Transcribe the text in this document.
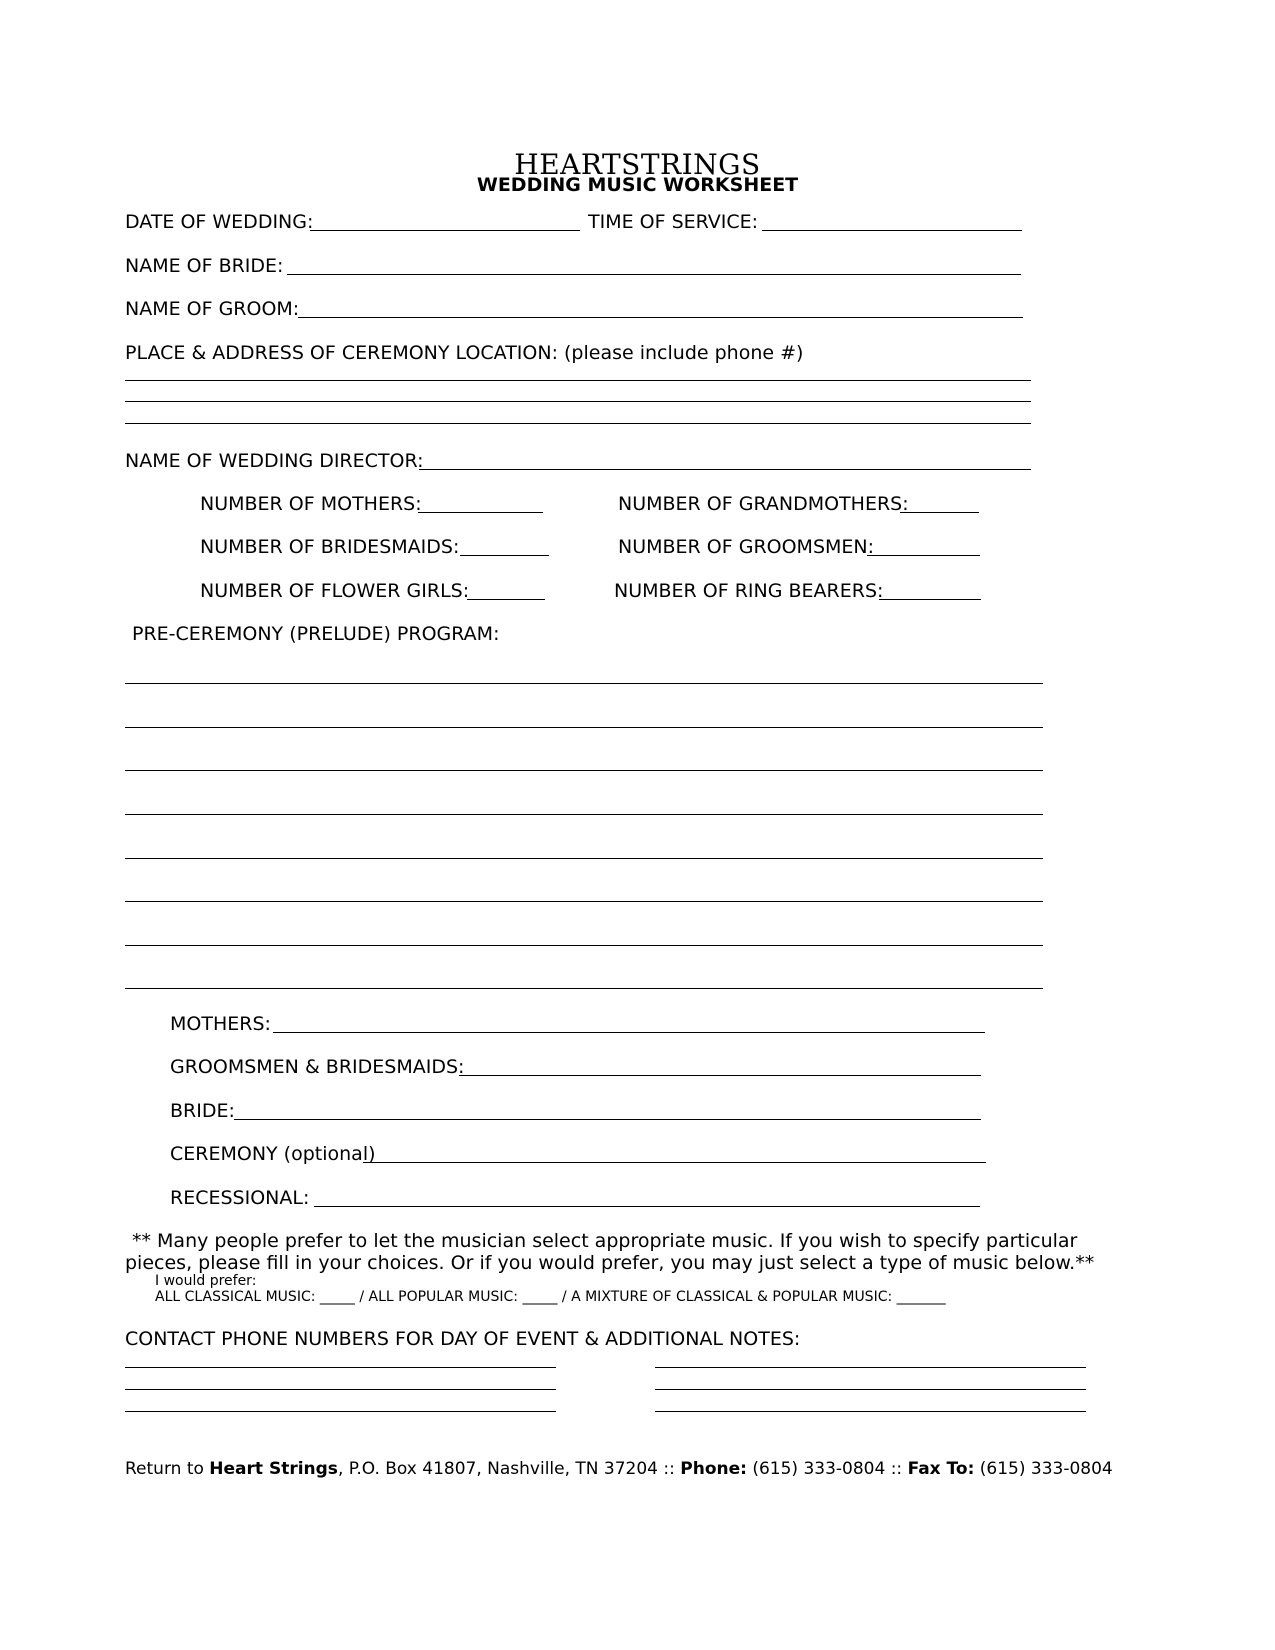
HEARTSTRINGS
WEDDING MUSIC WORKSHEET
DATE OF WEDDING:	TIME OF SERVICE:
NAME OF BRIDE:
NAME OF GROOM:
PLACE & ADDRESS OF CEREMONY LOCATION: (please include phone #)
NAME OF WEDDING DIRECTOR:
NUMBER OF MOTHERS:	NUMBER OF GRANDMOTHERS:
NUMBER OF BRIDESMAIDS:	NUMBER OF GROOMSMEN:
NUMBER OF FLOWER GIRLS:	NUMBER OF RING BEARERS:
PRE-CEREMONY (PRELUDE) PROGRAM:
MOTHERS:
GROOMSMEN & BRIDESMAIDS:
BRIDE:
CEREMONY (optional)
RECESSIONAL:
** Many people prefer to let the musician select appropriate music. If you wish to specify particular
pieces, please fill in your choices. Or if you would prefer, you may just select a type of music below.**
I would prefer:
ALL CLASSICAL MUSIC: _____ / ALL POPULAR MUSIC: _____ / A MIXTURE OF CLASSICAL & POPULAR MUSIC: _______
CONTACT PHONE NUMBERS FOR DAY OF EVENT & ADDITIONAL NOTES:
Return to Heart Strings, P.O. Box 41807, Nashville, TN 37204 :: Phone: (615) 333-0804 :: Fax To: (615) 333-0804
